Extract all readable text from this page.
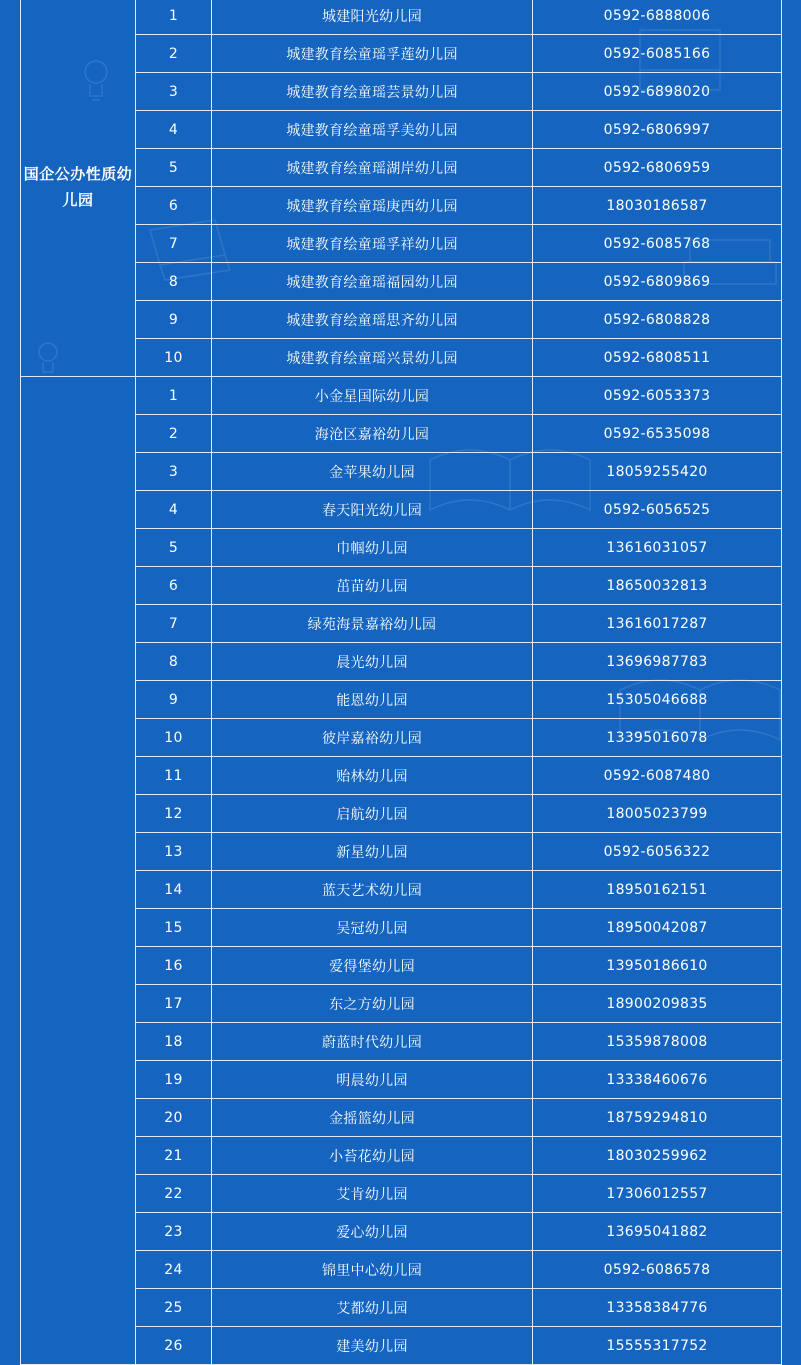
国企公办性质幼儿园	1	城建阳光幼儿园	0592-6888006
	2	城建教育绘童瑶孚莲幼儿园	0592-6085166
	3	城建教育绘童瑶芸景幼儿园	0592-6898020
	4	城建教育绘童瑶孚美幼儿园	0592-6806997
	5	城建教育绘童瑶湖岸幼儿园	0592-6806959
	6	城建教育绘童瑶庚西幼儿园	18030186587
	7	城建教育绘童瑶孚祥幼儿园	0592-6085768
	8	城建教育绘童瑶福园幼儿园	0592-6809869
	9	城建教育绘童瑶思齐幼儿园	0592-6808828
	10	城建教育绘童瑶兴景幼儿园	0592-6808511
	1	小金星国际幼儿园	0592-6053373
	2	海沧区嘉裕幼儿园	0592-6535098
	3	金苹果幼儿园	18059255420
	4	春天阳光幼儿园	0592-6056525
	5	巾帼幼儿园	13616031057
	6	茁苗幼儿园	18650032813
	7	绿苑海景嘉裕幼儿园	13616017287
	8	晨光幼儿园	13696987783
	9	能恩幼儿园	15305046688
	10	彼岸嘉裕幼儿园	13395016078
	11	贻林幼儿园	0592-6087480
	12	启航幼儿园	18005023799
	13	新星幼儿园	0592-6056322
	14	蓝天艺术幼儿园	18950162151
	15	吴冠幼儿园	18950042087
	16	爱得堡幼儿园	13950186610
	17	东之方幼儿园	18900209835
	18	蔚蓝时代幼儿园	15359878008
	19	明晨幼儿园	13338460676
	20	金摇篮幼儿园	18759294810
	21	小苔花幼儿园	18030259962
	22	艾肯幼儿园	17306012557
	23	爱心幼儿园	13695041882
	24	锦里中心幼儿园	0592-6086578
	25	艾都幼儿园	13358384776
	26	建美幼儿园	15555317752
